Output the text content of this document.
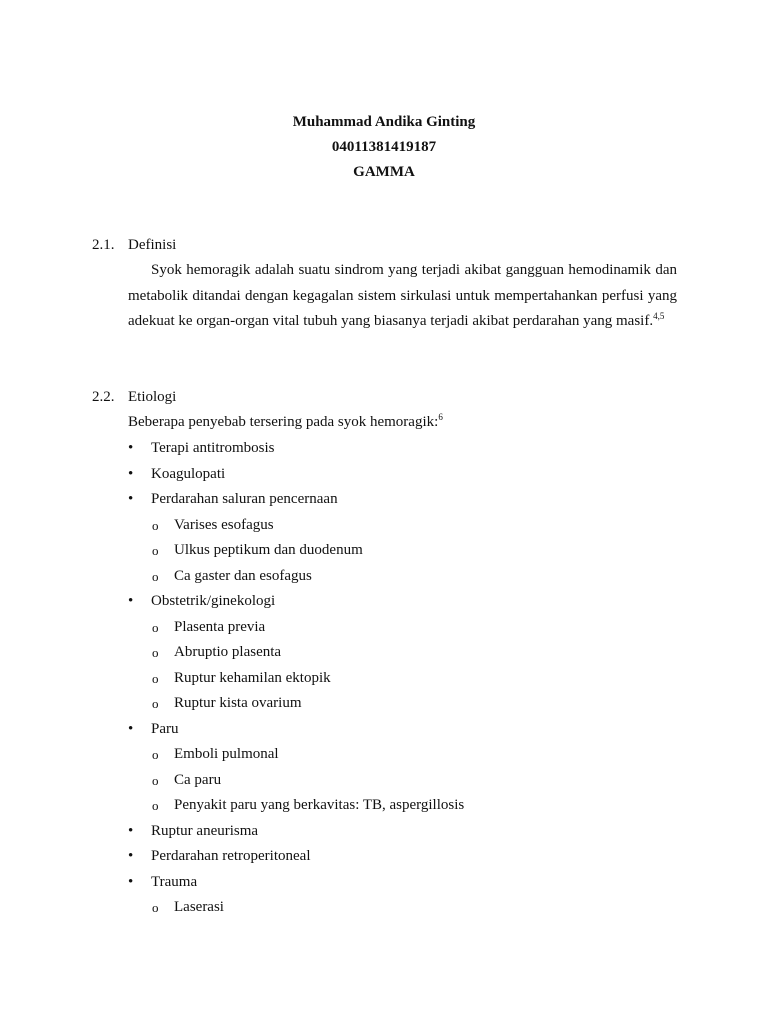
Muhammad Andika Ginting
04011381419187
GAMMA
2.1. Definisi

Syok hemoragik adalah suatu sindrom yang terjadi akibat gangguan hemodinamik dan metabolik ditandai dengan kegagalan sistem sirkulasi untuk mempertahankan perfusi yang adekuat ke organ-organ vital tubuh yang biasanya terjadi akibat perdarahan yang masif.$^{4,5}$

2.2. Etiologi
Beberapa penyebab tersering pada syok hemoragik:$^6$
• Terapi antitrombosis
• Koagulopati
• Perdarahan saluran pencernaan
o Varises esofagus
o Ulkus peptikum dan duodenum
o Ca gaster dan esofagus
• Obstetrik/ginekologi
o Plasenta previa
o Abruptio plasenta
o Ruptur kehamilan ektopik
o Ruptur kista ovarium
• Paru
o Emboli pulmonal
o Ca paru
o Penyakit paru yang berkavitas: TB, aspergillosis
• Ruptur aneurisma
• Perdarahan retroperitoneal
• Trauma
o Laserasi
